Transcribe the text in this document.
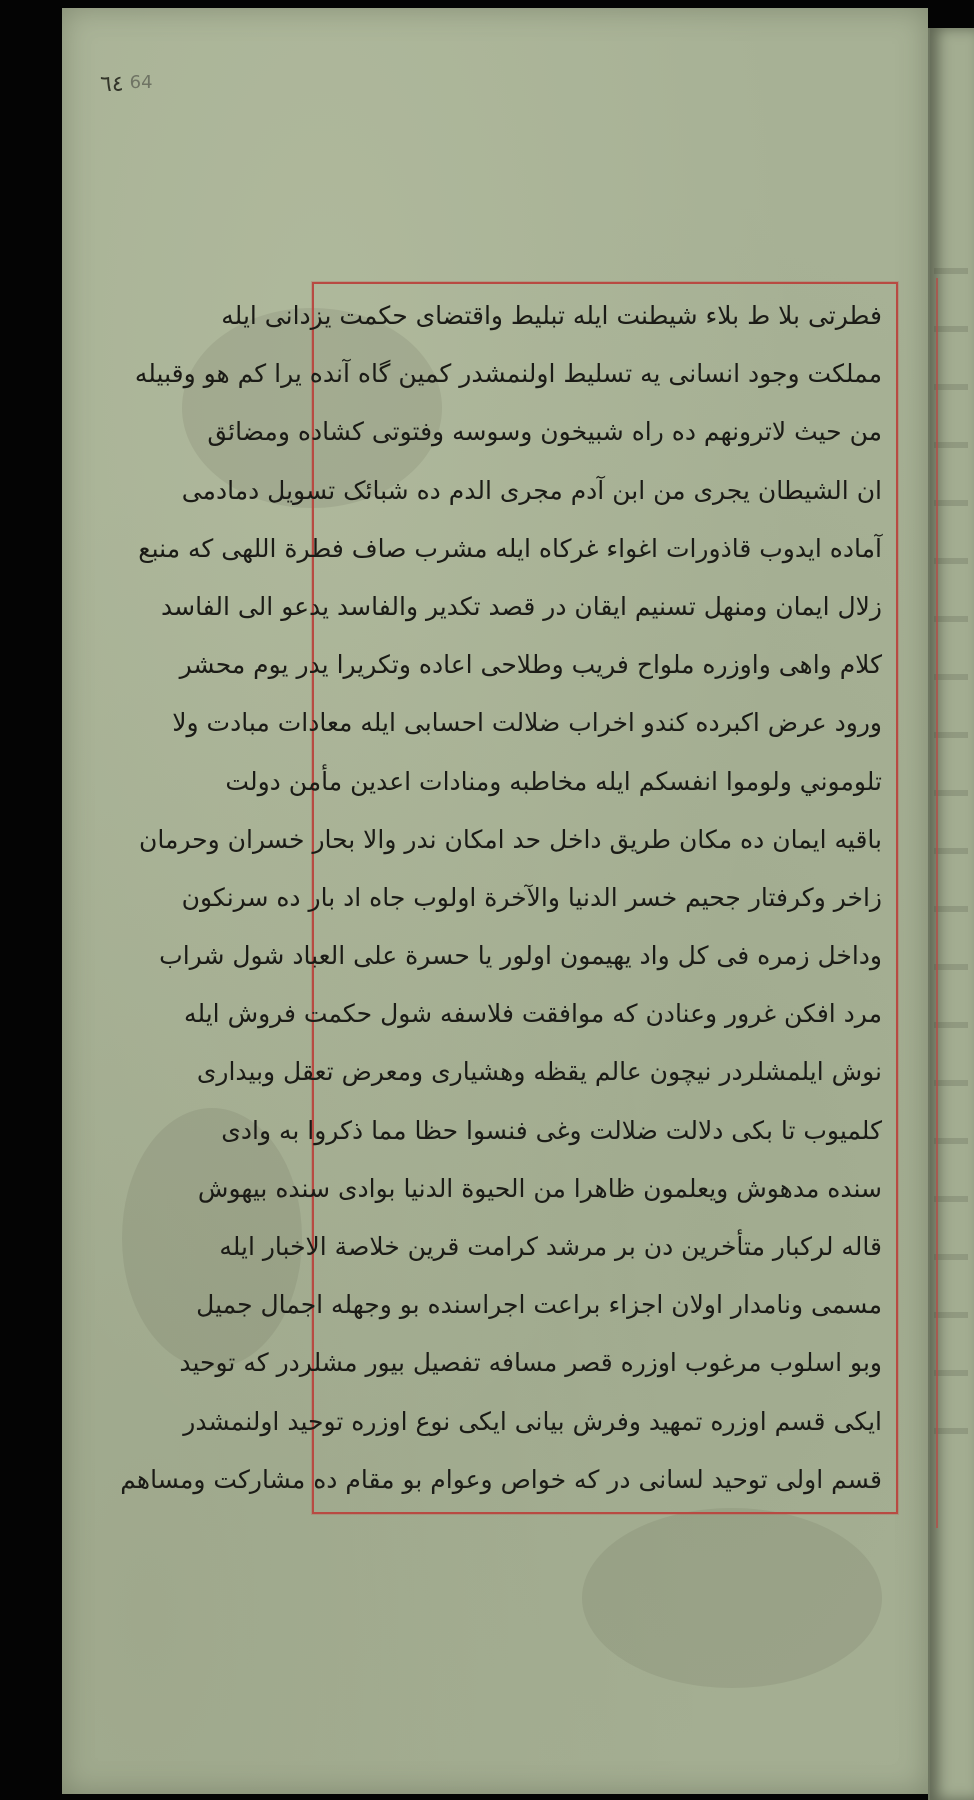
٦٤ $^{64}$
فطرتی بلا ط بلاء شیطنت ایله تبلیط واقتضای حکمت یزدانی ایله
مملکت وجود انسانی یه تسلیط اولنمشدر کمین گاه آنده یرا کم هو وقبیله
من حیث لاترونهم ده راه شبیخون وسوسه وفتوتی کشاده ومضائق
ان الشیطان یجری من ابن آدم مجری الدم ده شبائک تسویل دمادمی
آماده ایدوب قاذورات اغواء غرکاه ایله مشرب صاف فطرة اللهی که منبع
زلال ایمان ومنهل تسنیم ایقان در قصد تکدیر والفاسد یدعو الی الفاسد
کلام واهی واوزره ملواح فریب وطلاحی اعاده وتکریرا یدر یوم محشر
ورود عرض اکبرده کندو اخراب ضلالت احسابی ایله معادات مبادت ولا
تلوموني ولوموا انفسکم ایله مخاطبه ومنادات اعدین مأمن دولت
باقیه ایمان ده مکان طریق داخل حد امکان ندر والا بحار خسران وحرمان
زاخر وکرفتار جحیم خسر الدنیا والآخرة اولوب جاه اد بار ده سرنکون
وداخل زمره فی کل واد یهیمون اولور یا حسرة علی العباد شول شراب
مرد افکن غرور وعنادن که موافقت فلاسفه شول حکمت فروش ایله
نوش ایلمشلردر نیچون عالم یقظه وهشیاری ومعرض تعقل وبیداری
کلمیوب تا بکی دلالت ضلالت وغی فنسوا حظا مما ذکروا به وادی
سنده مدهوش ویعلمون ظاهرا من الحیوة الدنیا بوادی سنده بیهوش
قاله لرکبار متأخرین دن بر مرشد کرامت قرین خلاصة الاخبار ایله
مسمی ونامدار اولان اجزاء براعت اجراسنده بو وجهله اجمال جمیل
وبو اسلوب مرغوب اوزره قصر مسافه تفصیل بیور مشلردر که توحید
ایکی قسم اوزره تمهید وفرش بیانی ایکی نوع اوزره توحید اولنمشدر
قسم اولی توحید لسانی در که خواص وعوام بو مقام ده مشارکت ومساهم
